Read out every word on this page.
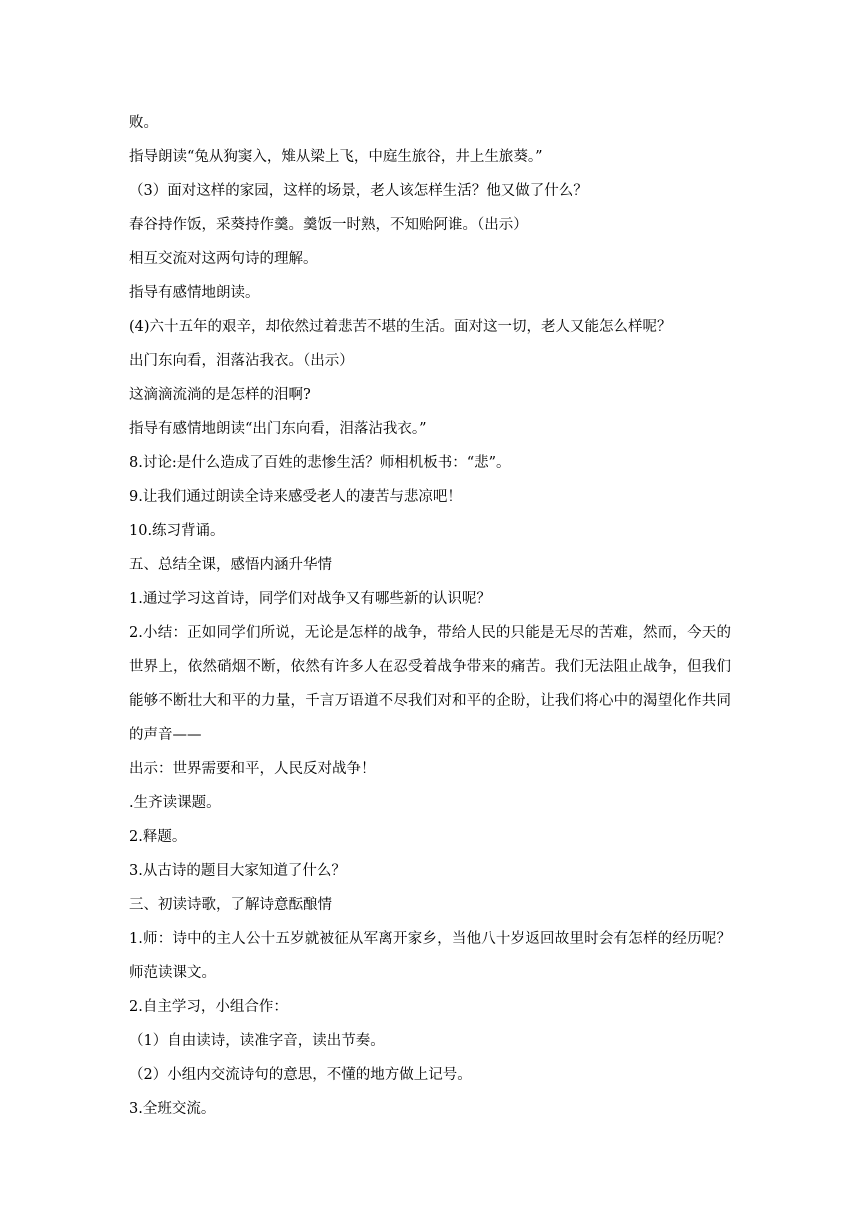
败。

指导朗读“兔从狗窦入，雉从梁上飞，中庭生旅谷，井上生旅葵。”

（3）面对这样的家园，这样的场景，老人该怎样生活？他又做了什么？

春谷持作饭，采葵持作羹。羹饭一时熟，不知贻阿谁。（出示）

相互交流对这两句诗的理解。

指导有感情地朗读。

(4)六十五年的艰辛，却依然过着悲苦不堪的生活。面对这一切，老人又能怎么样呢？

出门东向看，泪落沾我衣。（出示）

这滴滴流淌的是怎样的泪啊?

指导有感情地朗读“出门东向看，泪落沾我衣。”

8.讨论:是什么造成了百姓的悲惨生活？师相机板书：“悲”。

9.让我们通过朗读全诗来感受老人的凄苦与悲凉吧！

10.练习背诵。

五、总结全课，感悟内涵升华情

1.通过学习这首诗，同学们对战争又有哪些新的认识呢？

2.小结：正如同学们所说，无论是怎样的战争，带给人民的只能是无尽的苦难，然而，今天的世界上，依然硝烟不断，依然有许多人在忍受着战争带来的痛苦。我们无法阻止战争，但我们能够不断壮大和平的力量，千言万语道不尽我们对和平的企盼，让我们将心中的渴望化作共同的声音——

出示：世界需要和平，人民反对战争！

.生齐读课题。

2.释题。

3.从古诗的题目大家知道了什么？

三、初读诗歌，了解诗意酝酿情

1.师：诗中的主人公十五岁就被征从军离开家乡，当他八十岁返回故里时会有怎样的经历呢？师范读课文。

2.自主学习，小组合作：

（1）自由读诗，读准字音，读出节奏。

（2）小组内交流诗句的意思，不懂的地方做上记号。

3.全班交流。
